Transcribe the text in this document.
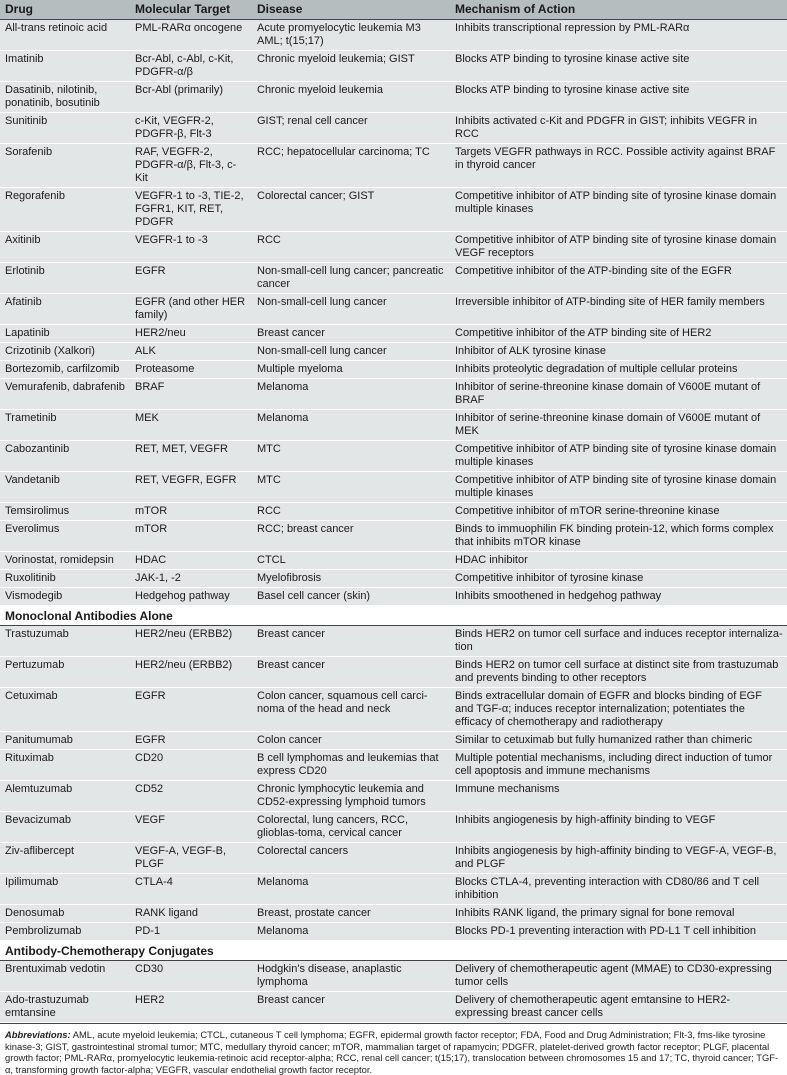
Drug	Molecular Target	Disease	Mechanism of Action
All-trans retinoic acid	PML-RARα oncogene	Acute promyelocytic leukemia M3 AML; t(15;17)	Inhibits transcriptional repression by PML-RARα
Imatinib	Bcr-Abl, c-Abl, c-Kit, PDGFR-α/β	Chronic myeloid leukemia; GIST	Blocks ATP binding to tyrosine kinase active site
Dasatinib, nilotinib, ponatinib, bosutinib	Bcr-Abl (primarily)	Chronic myeloid leukemia	Blocks ATP binding to tyrosine kinase active site
Sunitinib	c-Kit, VEGFR-2, PDGFR-β, Flt-3	GIST; renal cell cancer	Inhibits activated c-Kit and PDGFR in GIST; inhibits VEGFR in RCC
Sorafenib	RAF, VEGFR-2, PDGFR-α/β, Flt-3, c-Kit	RCC; hepatocellular carcinoma; TC	Targets VEGFR pathways in RCC. Possible activity against BRAF in thyroid cancer
Regorafenib	VEGFR-1 to -3, TIE-2, FGFR1, KIT, RET, PDGFR	Colorectal cancer; GIST	Competitive inhibitor of ATP binding site of tyrosine kinase domain multiple kinases
Axitinib	VEGFR-1 to -3	RCC	Competitive inhibitor of ATP binding site of tyrosine kinase domain VEGF receptors
Erlotinib	EGFR	Non-small-cell lung cancer; pancreatic cancer	Competitive inhibitor of the ATP-binding site of the EGFR
Afatinib	EGFR (and other HER family)	Non-small-cell lung cancer	Irreversible inhibitor of ATP-binding site of HER family members
Lapatinib	HER2/neu	Breast cancer	Competitive inhibitor of the ATP binding site of HER2
Crizotinib (Xalkori)	ALK	Non-small-cell lung cancer	Inhibitor of ALK tyrosine kinase
Bortezomib, carfilzomib	Proteasome	Multiple myeloma	Inhibits proteolytic degradation of multiple cellular proteins
Vemurafenib, dabrafenib	BRAF	Melanoma	Inhibitor of serine-threonine kinase domain of V600E mutant of BRAF
Trametinib	MEK	Melanoma	Inhibitor of serine-threonine kinase domain of V600E mutant of MEK
Cabozantinib	RET, MET, VEGFR	MTC	Competitive inhibitor of ATP binding site of tyrosine kinase domain multiple kinases
Vandetanib	RET, VEGFR, EGFR	MTC	Competitive inhibitor of ATP binding site of tyrosine kinase domain multiple kinases
Temsirolimus	mTOR	RCC	Competitive inhibitor of mTOR serine-threonine kinase
Everolimus	mTOR	RCC; breast cancer	Binds to immuophilin FK binding protein-12, which forms complex that inhibits mTOR kinase
Vorinostat, romidepsin	HDAC	CTCL	HDAC inhibitor
Ruxolitinib	JAK-1, -2	Myelofibrosis	Competitive inhibitor of tyrosine kinase
Vismodegib	Hedgehog pathway	Basel cell cancer (skin)	Inhibits smoothened in hedgehog pathway
Monoclonal Antibodies Alone			
Trastuzumab	HER2/neu (ERBB2)	Breast cancer	Binds HER2 on tumor cell surface and induces receptor internaliza-tion
Pertuzumab	HER2/neu (ERBB2)	Breast cancer	Binds HER2 on tumor cell surface at distinct site from trastuzumab and prevents binding to other receptors
Cetuximab	EGFR	Colon cancer, squamous cell carci-noma of the head and neck	Binds extracellular domain of EGFR and blocks binding of EGF and TGF-α; induces receptor internalization; potentiates the efficacy of chemotherapy and radiotherapy
Panitumumab	EGFR	Colon cancer	Similar to cetuximab but fully humanized rather than chimeric
Rituximab	CD20	B cell lymphomas and leukemias that express CD20	Multiple potential mechanisms, including direct induction of tumor cell apoptosis and immune mechanisms
Alemtuzumab	CD52	Chronic lymphocytic leukemia and CD52-expressing lymphoid tumors	Immune mechanisms
Bevacizumab	VEGF	Colorectal, lung cancers, RCC, glioblas-toma, cervical cancer	Inhibits angiogenesis by high-affinity binding to VEGF
Ziv-aflibercept	VEGF-A, VEGF-B, PLGF	Colorectal cancers	Inhibits angiogenesis by high-affinity binding to VEGF-A, VEGF-B, and PLGF
Ipilimumab	CTLA-4	Melanoma	Blocks CTLA-4, preventing interaction with CD80/86 and T cell inhibition
Denosumab	RANK ligand	Breast, prostate cancer	Inhibits RANK ligand, the primary signal for bone removal
Pembrolizumab	PD-1	Melanoma	Blocks PD-1 preventing interaction with PD-L1 T cell inhibition
Antibody-Chemotherapy Conjugates			
Brentuximab vedotin	CD30	Hodgkin's disease, anaplastic lymphoma	Delivery of chemotherapeutic agent (MMAE) to CD30-expressing tumor cells
Ado-trastuzumab emtansine	HER2	Breast cancer	Delivery of chemotherapeutic agent emtansine to HER2-expressing breast cancer cells
Abbreviations: AML, acute myeloid leukemia; CTCL, cutaneous T cell lymphoma; EGFR, epidermal growth factor receptor; FDA, Food and Drug Administration; Flt-3, fms-like tyrosine kinase-3; GIST, gastrointestinal stromal tumor; MTC, medullary thyroid cancer; mTOR, mammalian target of rapamycin; PDGFR, platelet-derived growth factor receptor; PLGF, placental growth factor; PML-RARα, promyelocytic leukemia-retinoic acid receptor-alpha; RCC, renal cell cancer; t(15;17), translocation between chromosomes 15 and 17; TC, thyroid cancer; TGF-α, transforming growth factor-alpha; VEGFR, vascular endothelial growth factor receptor.
